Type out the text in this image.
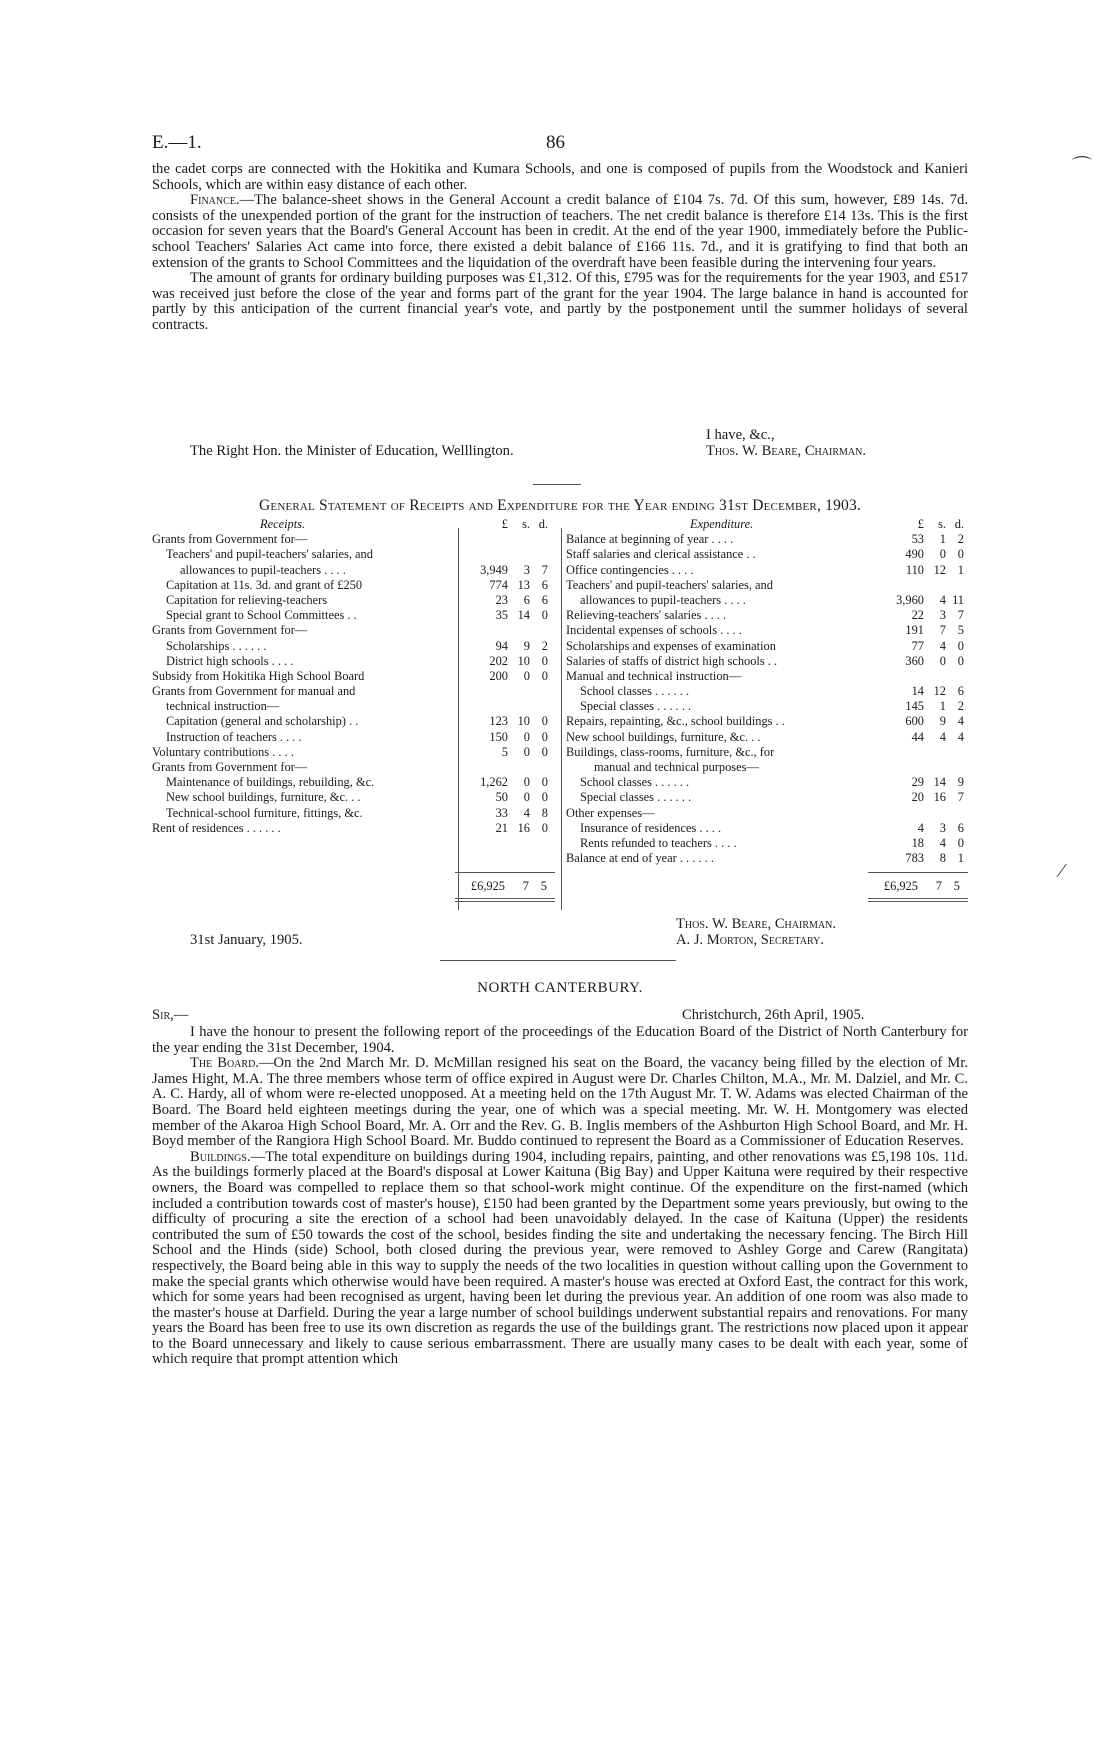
E.—1.	86

the cadet corps are connected with the Hokitika and Kumara Schools, and one is composed of pupils from the Woodstock and Kanieri Schools, which are within easy distance of each other.

Finance.—The balance-sheet shows in the General Account a credit balance of £104 7s. 7d. Of this sum, however, £89 14s. 7d. consists of the unexpended portion of the grant for the instruction of teachers. The net credit balance is therefore £14 13s. This is the first occasion for seven years that the Board's General Account has been in credit. At the end of the year 1900, immediately before the Public-school Teachers' Salaries Act came into force, there existed a debit balance of £166 11s. 7d., and it is gratifying to find that both an extension of the grants to School Committees and the liquidation of the overdraft have been feasible during the intervening four years.

The amount of grants for ordinary building purposes was £1,312. Of this, £795 was for the requirements for the year 1903, and £517 was received just before the close of the year and forms part of the grant for the year 1904. The large balance in hand is accounted for partly by this anticipation of the current financial year's vote, and partly by the postponement until the summer holidays of several contracts.

I have, &c.,
The Right Hon. the Minister of Education, Welllington.	Thos. W. Beare, Chairman.
General Statement of Receipts and Expenditure for the Year ending 31st December, 1903.
Receipts.	£	s. d.
Grants from Government for—
Teachers' and pupil-teachers' salaries, and
allowances to pupil-teachers . . . .	3,949	3 7
Capitation at 11s. 3d. and grant of £250	774 13 6
Capitation for relieving-teachers	23	6 6
Special grant to School Committees . .	35 14 0
Grants from Government for—
Scholarships . . . . . .	94	9 2
District high schools . . . .	202 10 0
Subsidy from Hokitika High School Board	200	0 0
Grants from Government for manual and
technical instruction—
Capitation (general and scholarship) . .	123 10 0
Instruction of teachers . . . .	150	0 0
Voluntary contributions . . . .	5	0 0
Grants from Government for—
Maintenance of buildings, rebuilding, &c.	1,262	0 0
New school buildings, furniture, &c. . .	50	0 0
Technical-school furniture, fittings, &c.	33	4 8
Rent of residences . . . . . .	21 16 0
Expenditure.	£	s. d.
Balance at beginning of year . . . .	53	1 2
Staff salaries and clerical assistance . .	490	0 0
Office contingencies . . . .	110 12 1
Teachers' and pupil-teachers' salaries, and
allowances to pupil-teachers . . . .	3,960	4 11
Relieving-teachers' salaries . . . .	22	3 7
Incidental expenses of schools . . . .	191	7 5
Scholarships and expenses of examination	77	4 0
Salaries of staffs of district high schools . .	360	0 0
Manual and technical instruction—
School classes . . . . . .	14 12 6
Special classes . . . . . .	145	1 2
Repairs, repainting, &c., school buildings . .	600	9 4
New school buildings, furniture, &c. . .	44	4 4
Buildings, class-rooms, furniture, &c., for
manual and technical purposes—
School classes . . . . . .	29 14 9
Special classes . . . . . .	20 16 7
Other expenses—
Insurance of residences . . . .	4	3 6
Rents refunded to teachers . . . .	18	4 0
Balance at end of year . . . . . .	783	8 1
£6,925	7 5	£6,925	7 5
Thos. W. Beare, Chairman.
31st January, 1905.	A. J. Morton, Secretary.
NORTH CANTERBURY.
Sir,—	Christchurch, 26th April, 1905.

I have the honour to present the following report of the proceedings of the Education Board of the District of North Canterbury for the year ending the 31st December, 1904.

The Board.—On the 2nd March Mr. D. McMillan resigned his seat on the Board, the vacancy being filled by the election of Mr. James Hight, M.A. The three members whose term of office expired in August were Dr. Charles Chilton, M.A., Mr. M. Dalziel, and Mr. C. A. C. Hardy, all of whom were re-elected unopposed. At a meeting held on the 17th August Mr. T. W. Adams was elected Chairman of the Board. The Board held eighteen meetings during the year, one of which was a special meeting. Mr. W. H. Montgomery was elected member of the Akaroa High School Board, Mr. A. Orr and the Rev. G. B. Inglis members of the Ashburton High School Board, and Mr. H. Boyd member of the Rangiora High School Board. Mr. Buddo continued to represent the Board as a Commissioner of Education Reserves.

Buildings.—The total expenditure on buildings during 1904, including repairs, painting, and other renovations was £5,198 10s. 11d. As the buildings formerly placed at the Board's disposal at Lower Kaituna (Big Bay) and Upper Kaituna were required by their respective owners, the Board was compelled to replace them so that school-work might continue. Of the expenditure on the first-named (which included a contribution towards cost of master's house), £150 had been granted by the Department some years previously, but owing to the difficulty of procuring a site the erection of a school had been unavoidably delayed. In the case of Kaituna (Upper) the residents contributed the sum of £50 towards the cost of the school, besides finding the site and undertaking the necessary fencing. The Birch Hill School and the Hinds (side) School, both closed during the previous year, were removed to Ashley Gorge and Carew (Rangitata) respectively, the Board being able in this way to supply the needs of the two localities in question without calling upon the Government to make the special grants which otherwise would have been required. A master's house was erected at Oxford East, the contract for this work, which for some years had been recognised as urgent, having been let during the previous year. An addition of one room was also made to the master's house at Darfield. During the year a large number of school buildings underwent substantial repairs and renovations. For many years the Board has been free to use its own discretion as regards the use of the buildings grant. The restrictions now placed upon it appear to the Board unnecessary and likely to cause serious embarrassment. There are usually many cases to be dealt with each year, some of which require that prompt attention which

⌒
⁄
